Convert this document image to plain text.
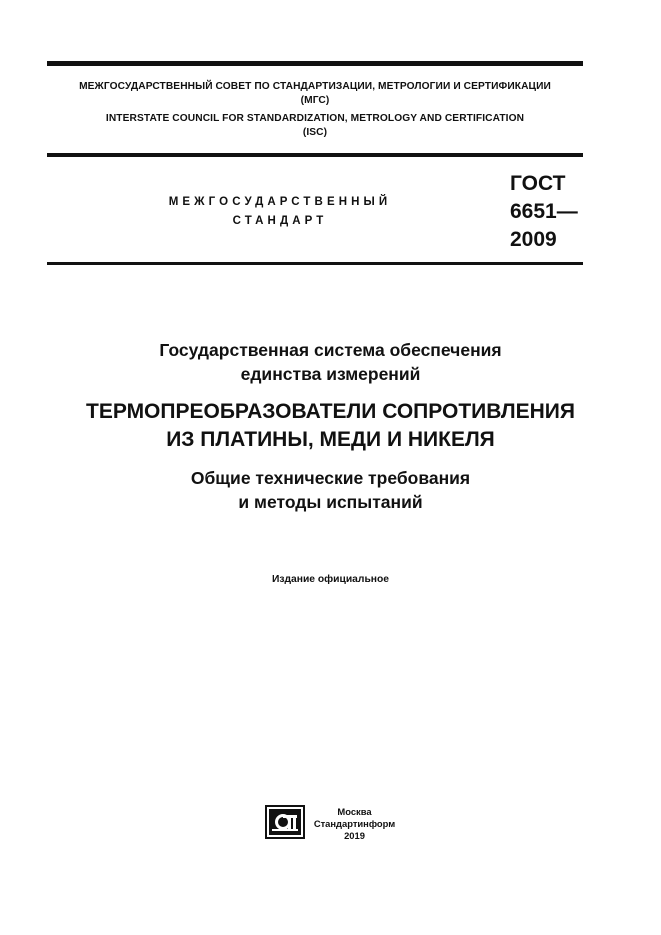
МЕЖГОСУДАРСТВЕННЫЙ СОВЕТ ПО СТАНДАРТИЗАЦИИ, МЕТРОЛОГИИ И СЕРТИФИКАЦИИ
(МГС)
INTERSTATE COUNCIL FOR STANDARDIZATION, METROLOGY AND CERTIFICATION
(ISC)
МЕЖГОСУДАРСТВЕННЫЙ
СТАНДАРТ
ГОСТ
6651—
2009
Государственная система обеспечения
единства измерений
ТЕРМОПРЕОБРАЗОВАТЕЛИ СОПРОТИВЛЕНИЯ
ИЗ ПЛАТИНЫ, МЕДИ И НИКЕЛЯ
Общие технические требования
и методы испытаний
Издание официальное
Москва
Стандартинформ
2019
